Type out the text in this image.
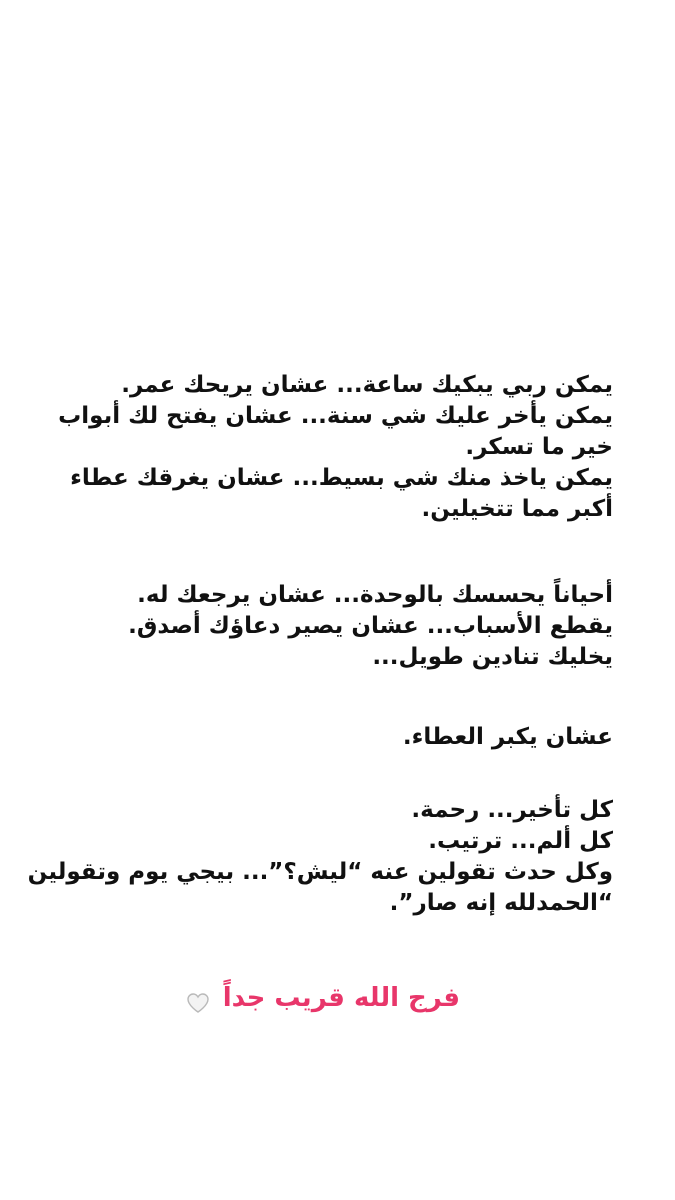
يمكن ربي يبكيك ساعة... عشان يريحك عمر.
يمكن يأخر عليك شي سنة... عشان يفتح لك أبواب
خير ما تسكر.
يمكن ياخذ منك شي بسيط... عشان يغرقك عطاء
أكبر مما تتخيلين.
أحياناً يحسسك بالوحدة... عشان يرجعك له.
يقطع الأسباب... عشان يصير دعاؤك أصدق.
يخليك تنادين طويل...
عشان يكبر العطاء.
كل تأخير... رحمة.
كل ألم... ترتيب.
وكل حدث تقولين عنه “ليش؟”... بيجي يوم وتقولين
“الحمدلله إنه صار”.
فرج الله قريب جداً
